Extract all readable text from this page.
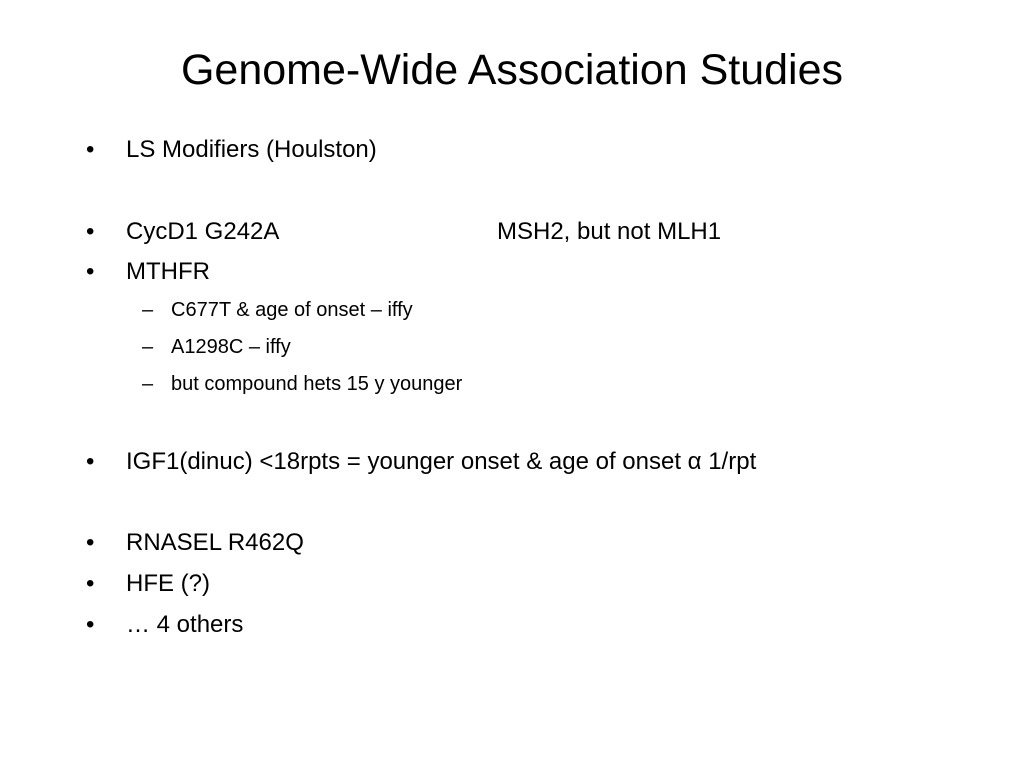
Genome-Wide Association Studies
• LS Modifiers (Houlston)
• CycD1 G242A	MSH2, but not MLH1
• MTHFR
– C677T & age of onset – iffy
– A1298C – iffy
– but compound hets 15 y younger
• IGF1(dinuc) <18rpts = younger onset & age of onset α 1/rpt
• RNASEL R462Q
• HFE (?)
• … 4 others
